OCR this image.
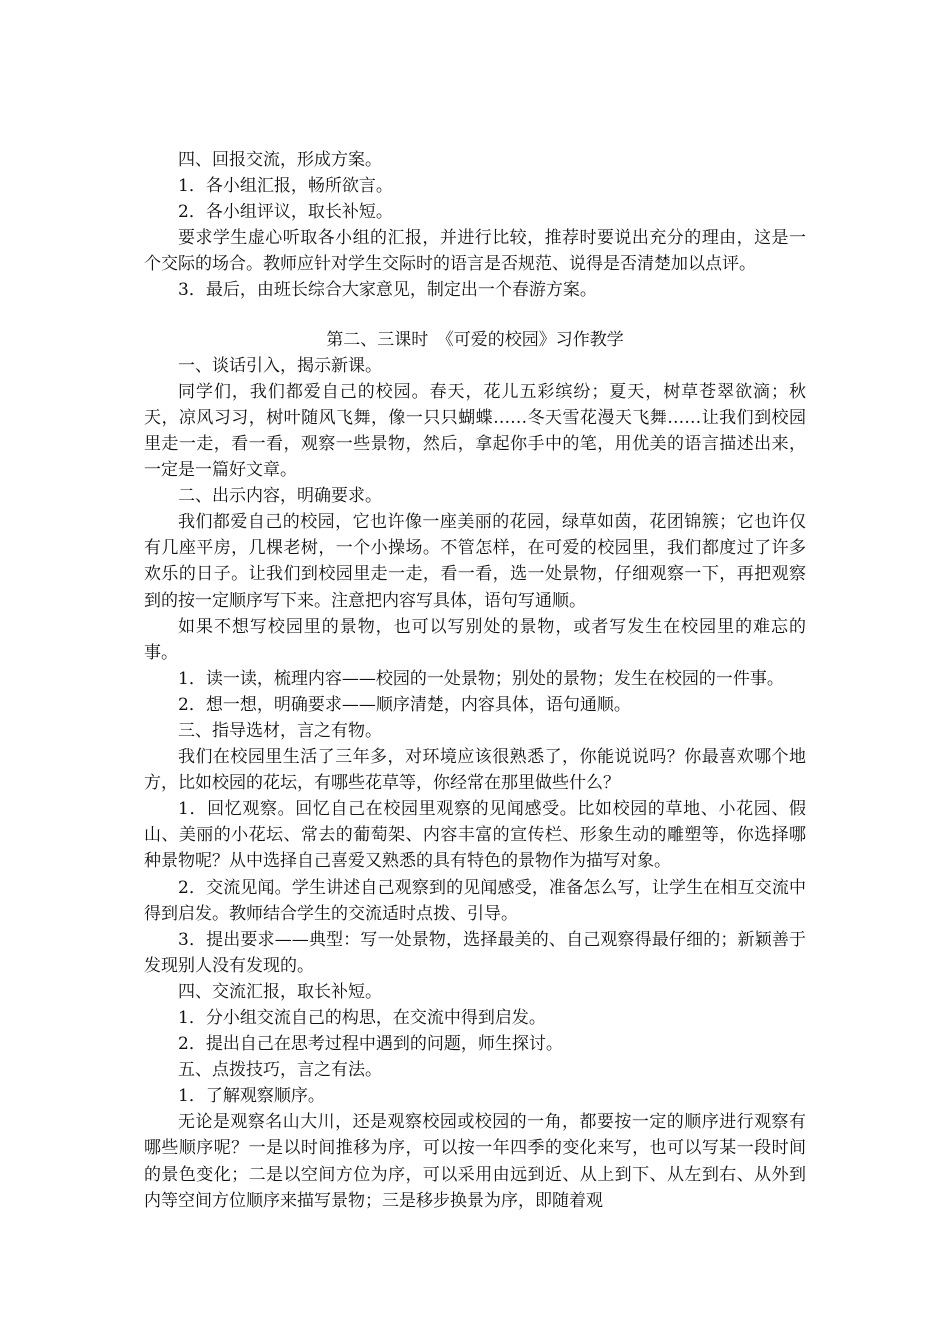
四、回报交流，形成方案。

1．各小组汇报，畅所欲言。

2．各小组评议，取长补短。

要求学生虚心听取各小组的汇报，并进行比较，推荐时要说出充分的理由，这是一个交际的场合。教师应针对学生交际时的语言是否规范、说得是否清楚加以点评。

3．最后，由班长综合大家意见，制定出一个春游方案。

第二、三课时　《可爱的校园》习作教学

一、谈话引入，揭示新课。

同学们，我们都爱自己的校园。春天，花儿五彩缤纷；夏天，树草苍翠欲滴；秋天，凉风习习，树叶随风飞舞，像一只只蝴蝶……冬天雪花漫天飞舞……让我们到校园里走一走，看一看，观察一些景物，然后，拿起你手中的笔，用优美的语言描述出来，一定是一篇好文章。

二、出示内容，明确要求。

我们都爱自己的校园，它也许像一座美丽的花园，绿草如茵，花团锦簇；它也许仅有几座平房，几棵老树，一个小操场。不管怎样，在可爱的校园里，我们都度过了许多欢乐的日子。让我们到校园里走一走，看一看，选一处景物，仔细观察一下，再把观察到的按一定顺序写下来。注意把内容写具体，语句写通顺。

如果不想写校园里的景物，也可以写别处的景物，或者写发生在校园里的难忘的事。

1．读一读，梳理内容——校园的一处景物；别处的景物；发生在校园的一件事。

2．想一想，明确要求——顺序清楚，内容具体，语句通顺。

三、指导选材，言之有物。

我们在校园里生活了三年多，对环境应该很熟悉了，你能说说吗？你最喜欢哪个地方，比如校园的花坛，有哪些花草等，你经常在那里做些什么？

1．回忆观察。回忆自己在校园里观察的见闻感受。比如校园的草地、小花园、假山、美丽的小花坛、常去的葡萄架、内容丰富的宣传栏、形象生动的雕塑等，你选择哪种景物呢？从中选择自己喜爱又熟悉的具有特色的景物作为描写对象。

2．交流见闻。学生讲述自己观察到的见闻感受，准备怎么写，让学生在相互交流中得到启发。教师结合学生的交流适时点拨、引导。

3．提出要求——典型：写一处景物，选择最美的、自己观察得最仔细的；新颖善于发现别人没有发现的。

四、交流汇报，取长补短。

1．分小组交流自己的构思，在交流中得到启发。

2．提出自己在思考过程中遇到的问题，师生探讨。

五、点拨技巧，言之有法。

1．了解观察顺序。

无论是观察名山大川，还是观察校园或校园的一角，都要按一定的顺序进行观察有哪些顺序呢？一是以时间推移为序，可以按一年四季的变化来写，也可以写某一段时间的景色变化；二是以空间方位为序，可以采用由远到近、从上到下、从左到右、从外到内等空间方位顺序来描写景物；三是移步换景为序，即随着观
